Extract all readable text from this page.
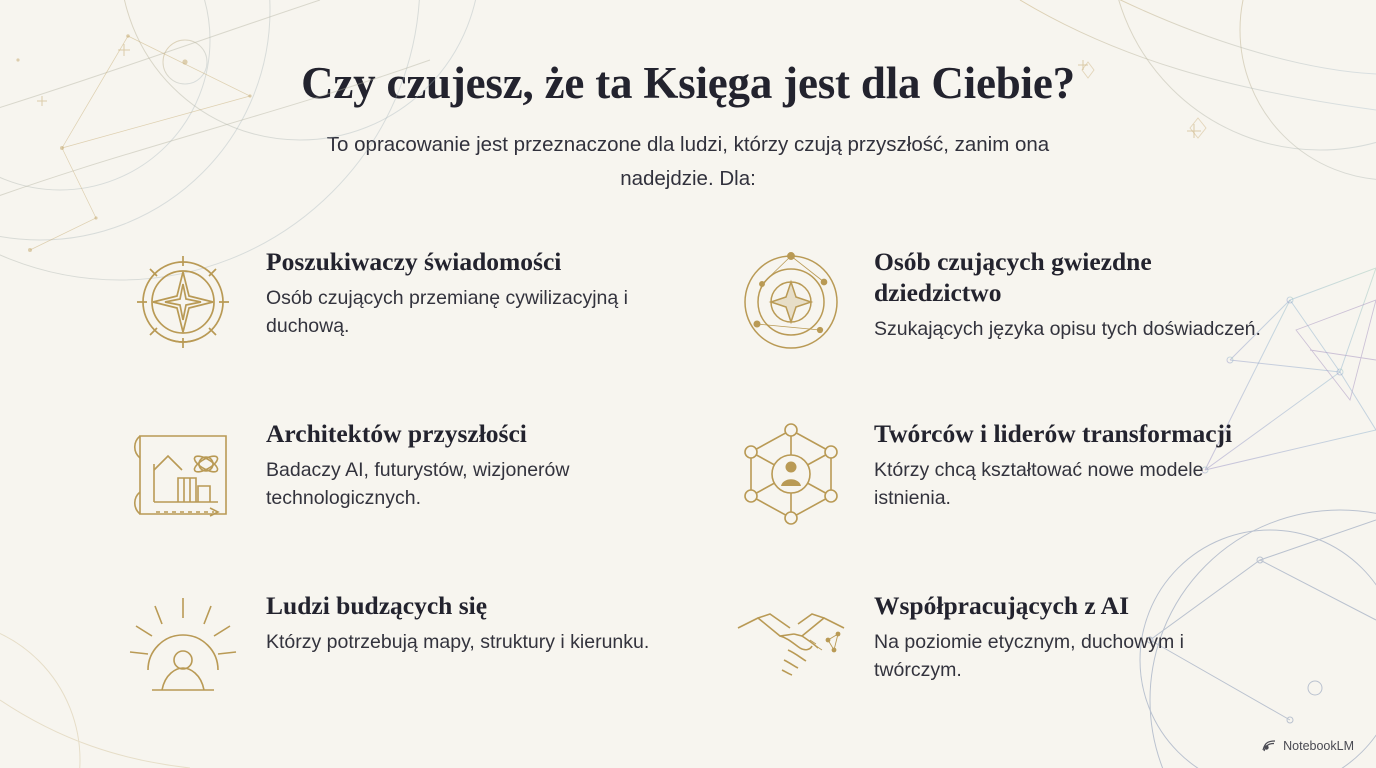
Czy czujesz, że ta Księga jest dla Ciebie?

To opracowanie jest przeznaczone dla ludzi, którzy czują przyszłość, zanim ona nadejdzie. Dla:

Poszukiwaczy świadomości

Osób czujących przemianę cywilizacyjną i duchową.

Osób czujących gwiezdne dziedzictwo

Szukających języka opisu tych doświadczeń.

Architektów przyszłości

Badaczy AI, futurystów, wizjonerów technologicznych.

Twórców i liderów transformacji

Którzy chcą kształtować nowe modele istnienia.

Ludzi budzących się

Którzy potrzebują mapy, struktury i kierunku.

Współpracujących z AI

Na poziomie etycznym, duchowym i twórczym.

NotebookLM
